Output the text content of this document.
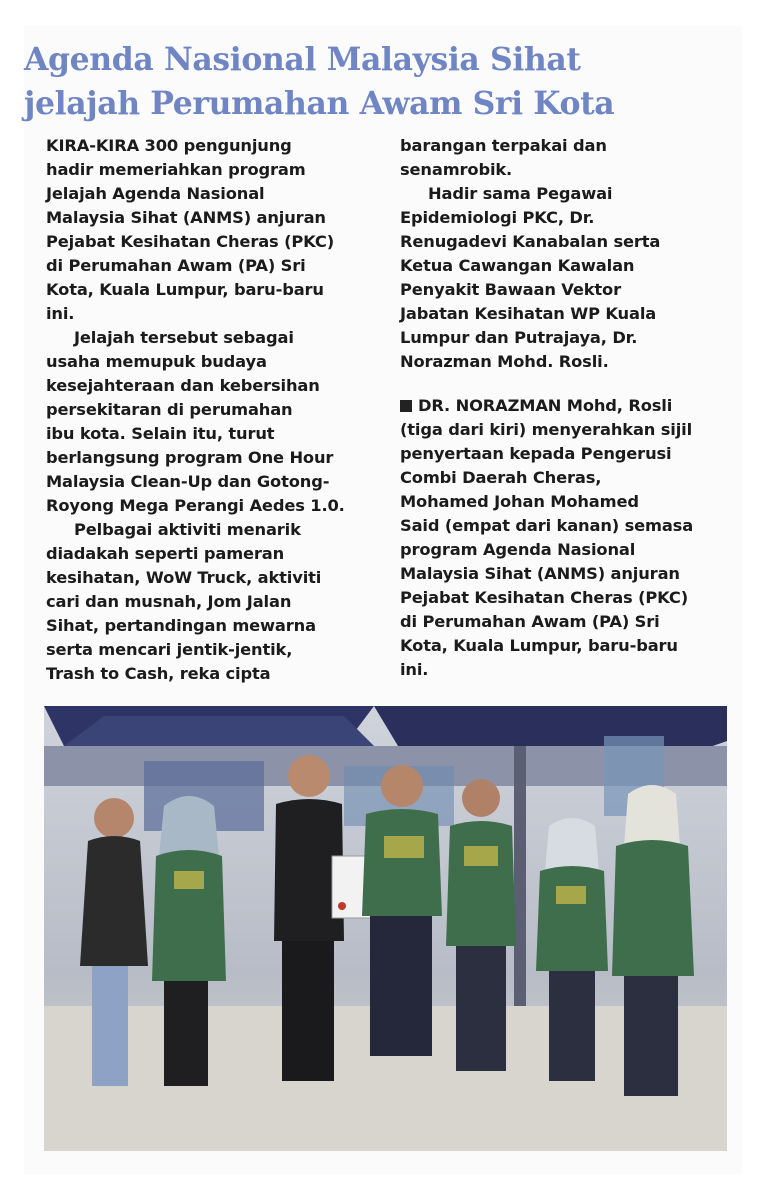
Agenda Nasional Malaysia Sihat
jelajah Perumahan Awam Sri Kota
KIRA-KIRA 300 pengunjung
hadir memeriahkan program
Jelajah Agenda Nasional
Malaysia Sihat (ANMS) anjuran
Pejabat Kesihatan Cheras (PKC)
di Perumahan Awam (PA) Sri
Kota, Kuala Lumpur, baru-baru
ini.
Jelajah tersebut sebagai
usaha memupuk budaya
kesejahteraan dan kebersihan
persekitaran di perumahan
ibu kota. Selain itu, turut
berlangsung program One Hour
Malaysia Clean-Up dan Gotong-
Royong Mega Perangi Aedes 1.0.
Pelbagai aktiviti menarik
diadakah seperti pameran
kesihatan, WoW Truck, aktiviti
cari dan musnah, Jom Jalan
Sihat, pertandingan mewarna
serta mencari jentik-jentik,
Trash to Cash, reka cipta
barangan terpakai dan
senamrobik.
Hadir sama Pegawai
Epidemiologi PKC, Dr.
Renugadevi Kanabalan serta
Ketua Cawangan Kawalan
Penyakit Bawaan Vektor
Jabatan Kesihatan WP Kuala
Lumpur dan Putrajaya, Dr.
Norazman Mohd. Rosli.
DR. NORAZMAN Mohd, Rosli
(tiga dari kiri) menyerahkan sijil
penyertaan kepada Pengerusi
Combi Daerah Cheras,
Mohamed Johan Mohamed
Said (empat dari kanan) semasa
program Agenda Nasional
Malaysia Sihat (ANMS) anjuran
Pejabat Kesihatan Cheras (PKC)
di Perumahan Awam (PA) Sri
Kota, Kuala Lumpur, baru-baru
ini.
